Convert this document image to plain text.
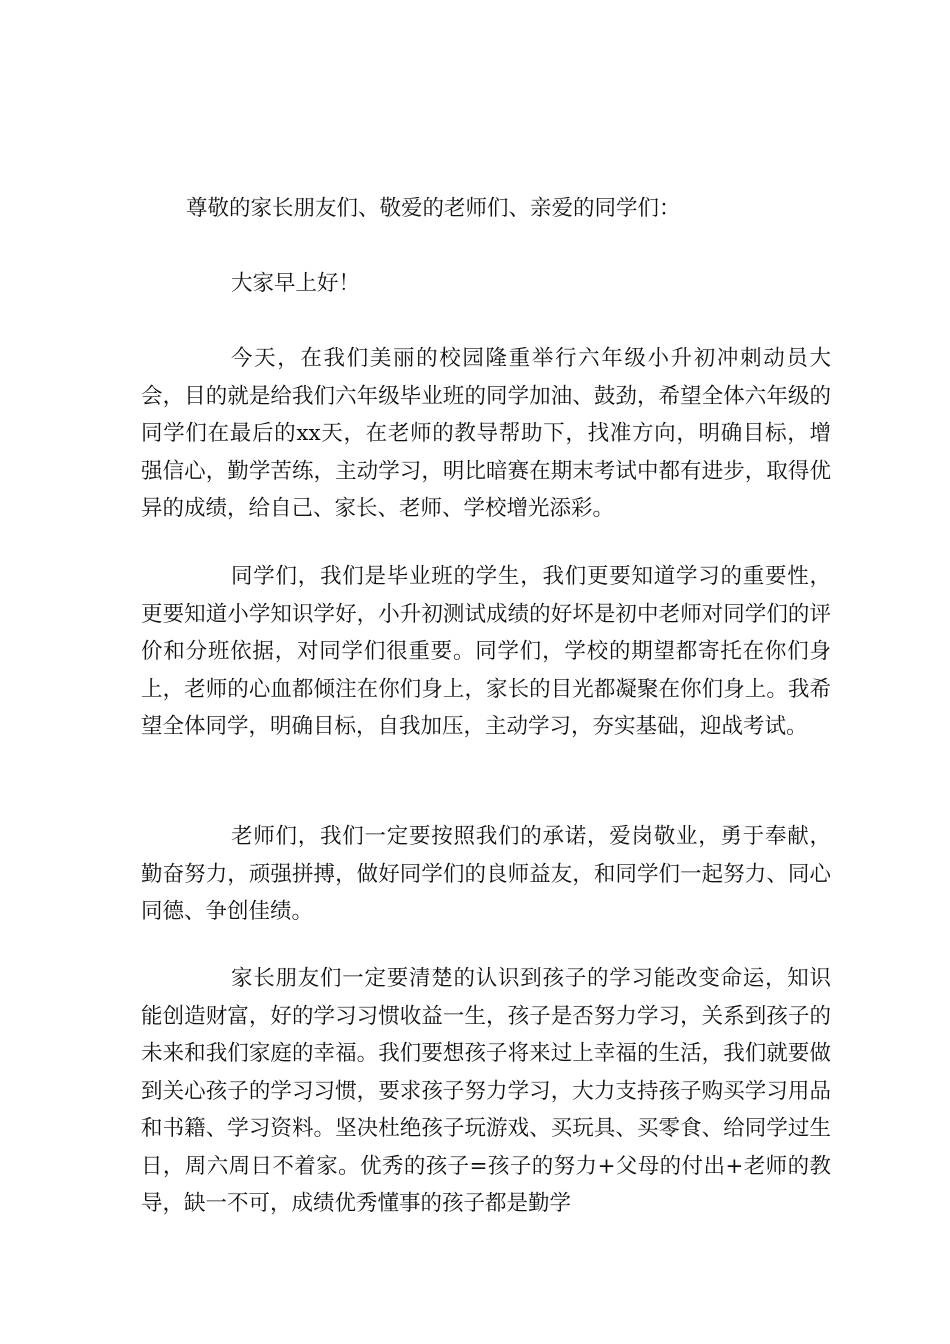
尊敬的家长朋友们、敬爱的老师们、亲爱的同学们：

大家早上好！

今天，在我们美丽的校园隆重举行六年级小升初冲刺动员大会，目的就是给我们六年级毕业班的同学加油、鼓劲，希望全体六年级的同学们在最后的xx天，在老师的教导帮助下，找准方向，明确目标，增强信心，勤学苦练，主动学习，明比暗赛在期末考试中都有进步，取得优异的成绩，给自己、家长、老师、学校增光添彩。

同学们，我们是毕业班的学生，我们更要知道学习的重要性，更要知道小学知识学好，小升初测试成绩的好坏是初中老师对同学们的评价和分班依据，对同学们很重要。同学们，学校的期望都寄托在你们身上，老师的心血都倾注在你们身上，家长的目光都凝聚在你们身上。我希望全体同学，明确目标，自我加压，主动学习，夯实基础，迎战考试。

老师们，我们一定要按照我们的承诺，爱岗敬业，勇于奉献，勤奋努力，顽强拼搏，做好同学们的良师益友，和同学们一起努力、同心同德、争创佳绩。

家长朋友们一定要清楚的认识到孩子的学习能改变命运，知识能创造财富，好的学习习惯收益一生，孩子是否努力学习，关系到孩子的未来和我们家庭的幸福。我们要想孩子将来过上幸福的生活，我们就要做到关心孩子的学习习惯，要求孩子努力学习，大力支持孩子购买学习用品和书籍、学习资料。坚决杜绝孩子玩游戏、买玩具、买零食、给同学过生日，周六周日不着家。优秀的孩子=孩子的努力+父母的付出+老师的教导，缺一不可，成绩优秀懂事的孩子都是勤学
